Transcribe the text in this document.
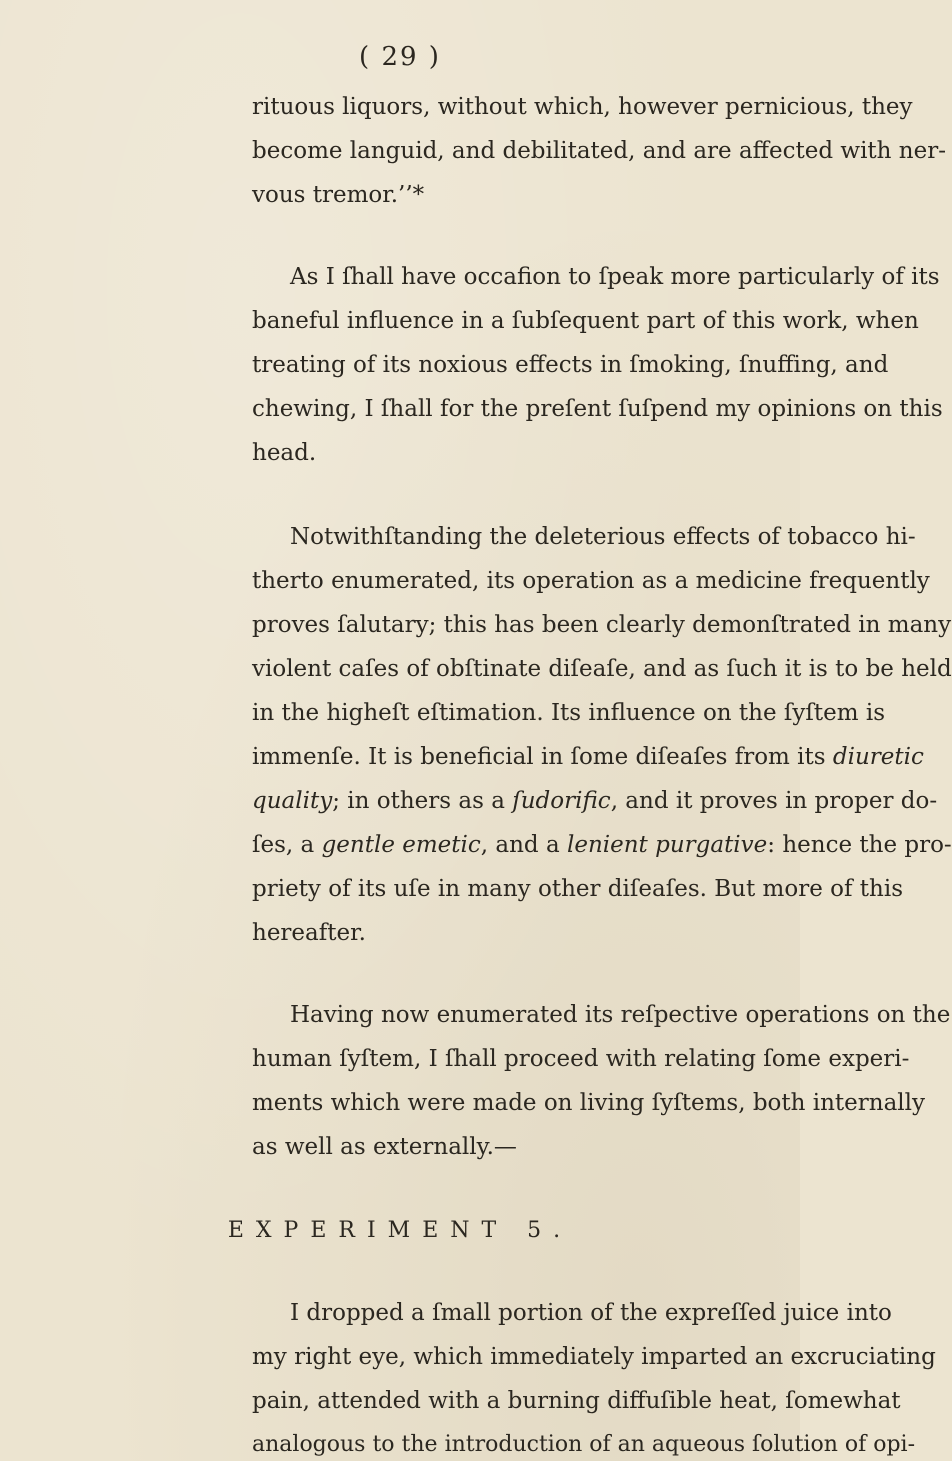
( 29 )
rituous liquors, without which, however pernicious, they
become languid, and debilitated, and are affected with ner-
vous tremor.’’*
As I ſhall have occafion to ſpeak more particularly of its
baneful influence in a ſubſequent part of this work, when
treating of its noxious effects in ſmoking, ſnuffing, and
chewing, I ſhall for the preſent ſuſpend my opinions on this
head.
Notwithſtanding the deleterious effects of tobacco hi-
therto enumerated, its operation as a medicine frequently
proves ſalutary; this has been clearly demonſtrated in many
violent caſes of obſtinate diſeaſe, and as ſuch it is to be held
in the higheſt eſtimation. Its influence on the ſyſtem is
immenſe. It is beneficial in ſome diſeaſes from its diuretic
quality; in others as a ſudorific, and it proves in proper do-
ſes, a gentle emetic, and a lenient purgative: hence the pro-
priety of its uſe in many other diſeaſes. But more of this
hereafter.
Having now enumerated its reſpective operations on the
human ſyſtem, I ſhall proceed with relating ſome experi-
ments which were made on living ſyſtems, both internally
as well as externally.—
EXPERIMENT 5.
I dropped a ſmall portion of the expreſſed juice into
my right eye, which immediately imparted an excruciating
pain, attended with a burning diffuſible heat, ſomewhat
analogous to the introduction of an aqueous ſolution of opi-
